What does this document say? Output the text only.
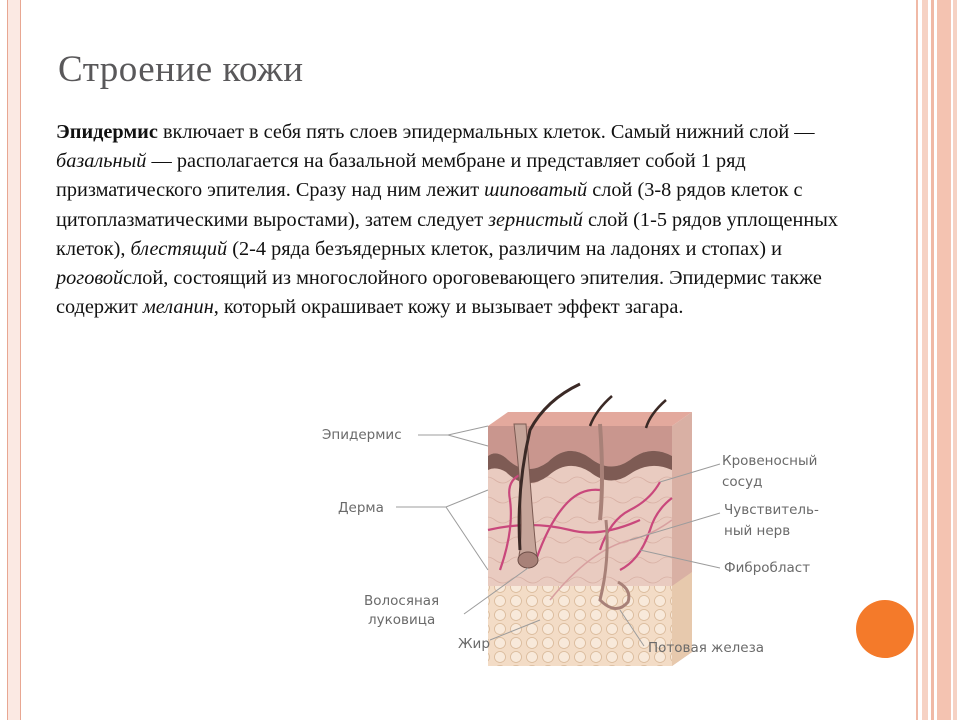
Строение кожи

Эпидермис включает в себя пять слоев эпидермальных клеток. Самый нижний слой — базальный — располагается на базальной мембране и представляет собой 1 ряд призматического эпителия. Сразу над ним лежит шиповатый слой (3-8 рядов клеток с цитоплазматическими выростами), затем следует зернистый слой (1-5 рядов уплощенных клеток), блестящий (2-4 ряда безъядерных клеток, различим на ладонях и стопах) и роговойслой, состоящий из многослойного ороговевающего эпителия. Эпидермис также содержит меланин, который окрашивает кожу и вызывает эффект загара.

Эпидермис
Дерма
Волосяная
луковица
Жир
Кровеносный
сосуд
Чувствитель-
ный нерв
Фибробласт
Потовая железа
